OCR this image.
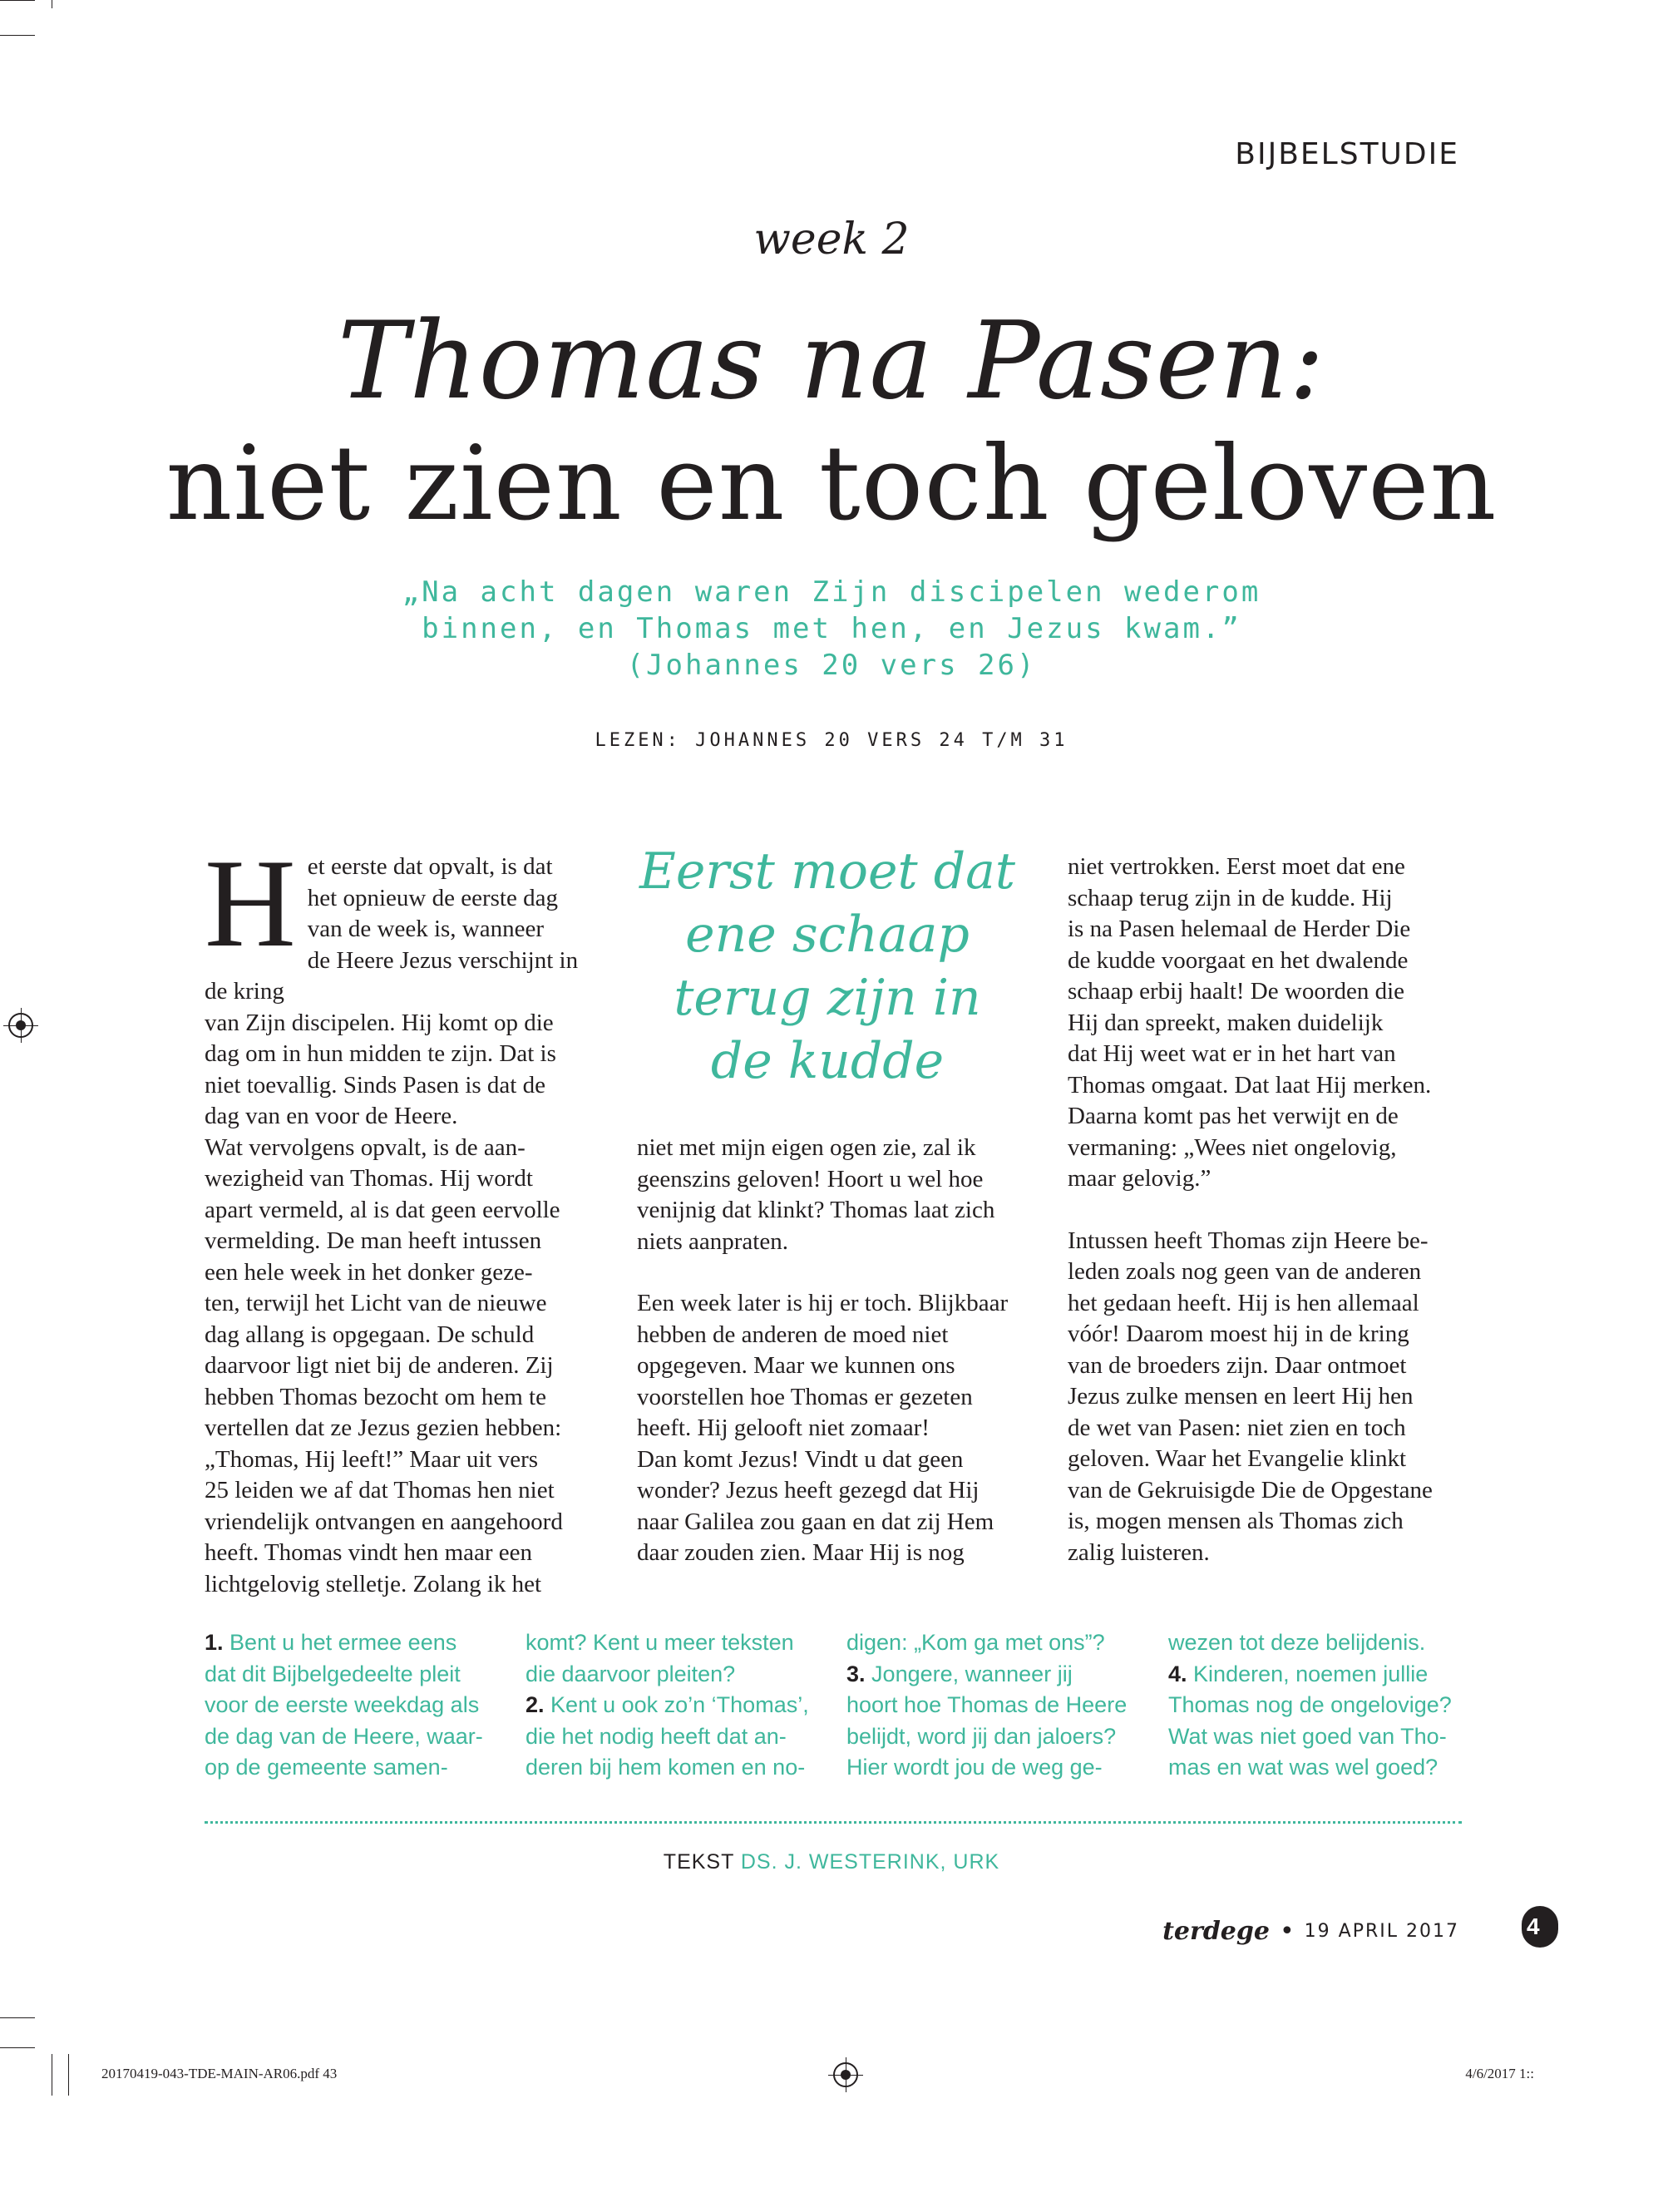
BIJBELSTUDIE
week 2
Thomas na Pasen:
niet zien en toch geloven
„Na acht dagen waren Zijn discipelen wederom
binnen, en Thomas met hen, en Jezus kwam.”
(Johannes 20 vers 26)
LEZEN: JOHANNES 20 VERS 24 T/M 31
H et eerste dat opvalt, is dat
het opnieuw de eerste dag
van de week is, wanneer
de Heere Jezus verschijnt in de kring
van Zijn discipelen. Hij komt op die
dag om in hun midden te zijn. Dat is
niet toevallig. Sinds Pasen is dat de
dag van en voor de Heere.
Wat vervolgens opvalt, is de aan-
wezigheid van Thomas. Hij wordt
apart vermeld, al is dat geen eervolle
vermelding. De man heeft intussen
een hele week in het donker geze-
ten, terwijl het Licht van de nieuwe
dag allang is opgegaan. De schuld
daarvoor ligt niet bij de anderen. Zij
hebben Thomas bezocht om hem te
vertellen dat ze Jezus gezien hebben:
„Thomas, Hij leeft!” Maar uit vers
25 leiden we af dat Thomas hen niet
vriendelijk ontvangen en aangehoord
heeft. Thomas vindt hen maar een
lichtgelovig stelletje. Zolang ik het
Eerst moet dat
ene schaap
terug zijn in
de kudde
niet met mijn eigen ogen zie, zal ik
geenszins geloven! Hoort u wel hoe
venijnig dat klinkt? Thomas laat zich
niets aanpraten.
Een week later is hij er toch. Blijkbaar
hebben de anderen de moed niet
opgegeven. Maar we kunnen ons
voorstellen hoe Thomas er gezeten
heeft. Hij gelooft niet zomaar!
Dan komt Jezus! Vindt u dat geen
wonder? Jezus heeft gezegd dat Hij
naar Galilea zou gaan en dat zij Hem
daar zouden zien. Maar Hij is nog
niet vertrokken. Eerst moet dat ene
schaap terug zijn in de kudde. Hij
is na Pasen helemaal de Herder Die
de kudde voorgaat en het dwalende
schaap erbij haalt! De woorden die
Hij dan spreekt, maken duidelijk
dat Hij weet wat er in het hart van
Thomas omgaat. Dat laat Hij merken.
Daarna komt pas het verwijt en de
vermaning: „Wees niet ongelovig,
maar gelovig.”
Intussen heeft Thomas zijn Heere be-
leden zoals nog geen van de anderen
het gedaan heeft. Hij is hen allemaal
vóór! Daarom moest hij in de kring
van de broeders zijn. Daar ontmoet
Jezus zulke mensen en leert Hij hen
de wet van Pasen: niet zien en toch
geloven. Waar het Evangelie klinkt
van de Gekruisigde Die de Opgestane
is, mogen mensen als Thomas zich
zalig luisteren.

1. Bent u het ermee eens
dat dit Bijbelgedeelte pleit
voor de eerste weekdag als
de dag van de Heere, waar-
op de gemeente samen-

komt? Kent u meer teksten
die daarvoor pleiten?

2. Kent u ook zo’n ‘Thomas’,
die het nodig heeft dat an-
deren bij hem komen en no-

digen: „Kom ga met ons”?

3. Jongere, wanneer jij
hoort hoe Thomas de Heere
belijdt, word jij dan jaloers?
Hier wordt jou de weg ge-

wezen tot deze belijdenis.

4. Kinderen, noemen jullie
Thomas nog de ongelovige?
Wat was niet goed van Tho-
mas en wat was wel goed?

TEKST DS. J. WESTERINK, URK
terdege • 19 APRIL 2017	4
20170419-043-TDE-MAIN-AR06.pdf 43	4/6/2017 1::
